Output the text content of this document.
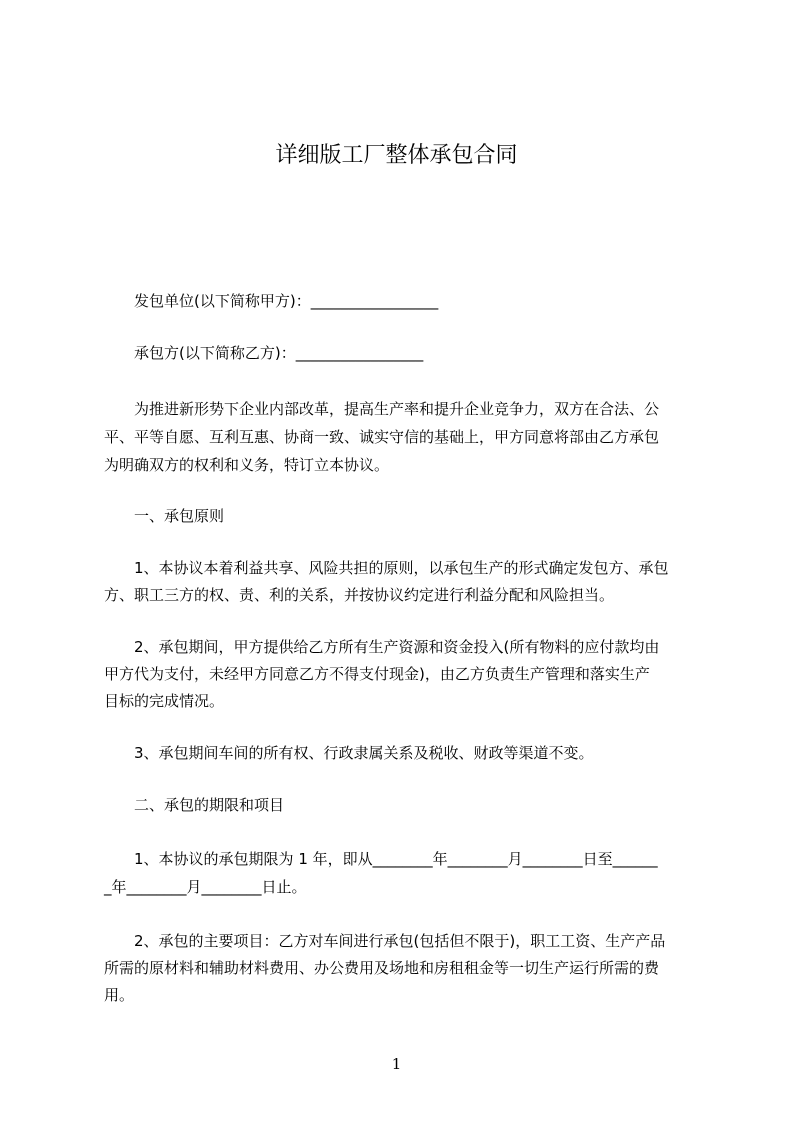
详细版工厂整体承包合同
　　发包单位(以下简称甲方)：_________________
　　承包方(以下简称乙方)：_________________
　　为推进新形势下企业内部改革，提高生产率和提升企业竞争力，双方在合法、公
平、平等自愿、互利互惠、协商一致、诚实守信的基础上，甲方同意将部由乙方承包
为明确双方的权利和义务，特订立本协议。
　　一、承包原则
　　1、本协议本着利益共享、风险共担的原则，以承包生产的形式确定发包方、承包
方、职工三方的权、责、利的关系，并按协议约定进行利益分配和风险担当。
　　2、承包期间，甲方提供给乙方所有生产资源和资金投入(所有物料的应付款均由
甲方代为支付，未经甲方同意乙方不得支付现金)，由乙方负责生产管理和落实生产
目标的完成情况。
　　3、承包期间车间的所有权、行政隶属关系及税收、财政等渠道不变。
　　二、承包的期限和项目
　　1、本协议的承包期限为 1 年，即从________年________月________日至______
_年________月________日止。
　　2、承包的主要项目：乙方对车间进行承包(包括但不限于)，职工工资、生产产品
所需的原材料和辅助材料费用、办公费用及场地和房租租金等一切生产运行所需的费
用。
1
